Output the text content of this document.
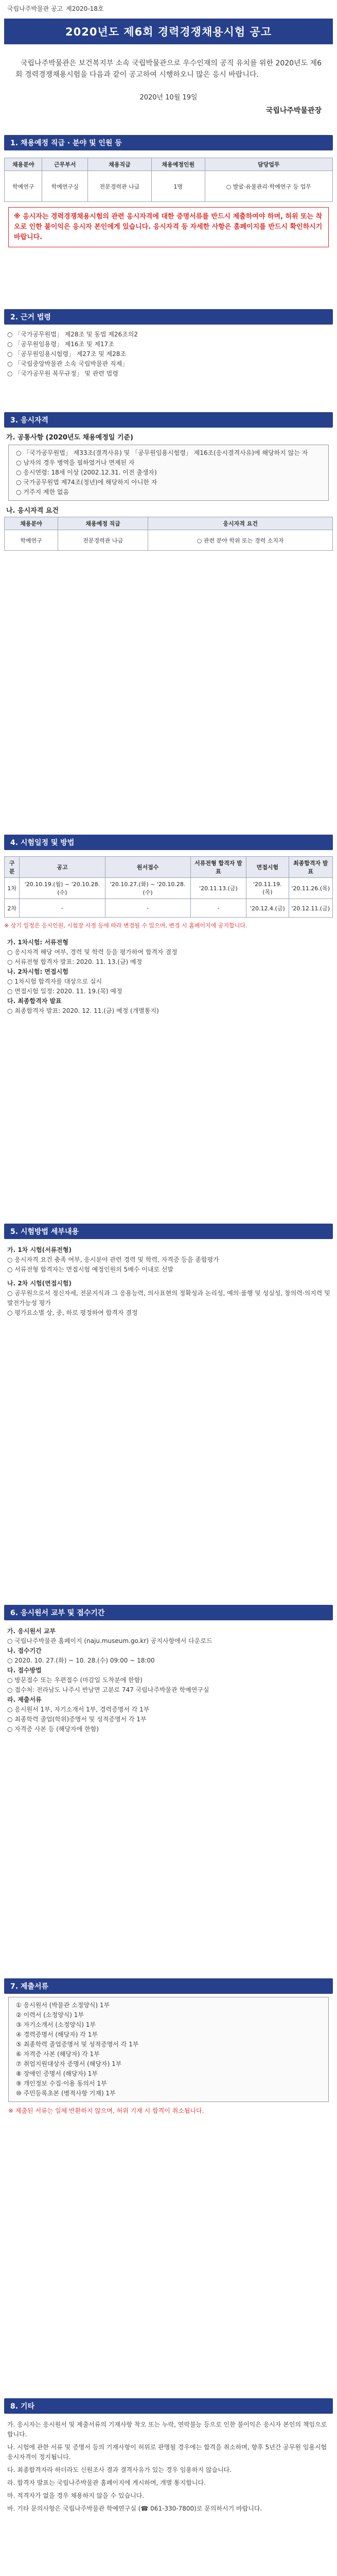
국립나주박물관 공고 제2020-18호
2020년도 제6회 경력경쟁채용시험 공고

국립나주박물관은 보건복지부 소속 국립박물관으로 우수인재의 공직 유치를 위한 2020년도 제6회 경력경쟁채용시험을 다음과 같이 공고하여 시행하오니 많은 응시 바랍니다.

2020년 10월 19일
국립나주박물관장
1. 채용예정 직급 · 분야 및 인원 등
채용분야	근무부서	채용직급	채용예정인원	담당업무
학예연구	학예연구실	전문경력관 나급	1명	○ 발굴·유물관리·학예연구 등 업무
※ 응시자는 경력경쟁채용시험의 관련 응시자격에 대한 증명서류를 반드시 제출하여야 하며, 허위 또는 착오로 인한 불이익은 응시자 본인에게 있습니다. 응시자격 등 자세한 사항은 홈페이지를 반드시 확인하시기 바랍니다.
2. 근거 법령
○ 「국가공무원법」 제28조 및 동법 제26조의2
○ 「공무원임용령」 제16조 및 제17조
○ 「공무원임용시험령」 제27조 및 제28조
○ 「국립중앙박물관 소속 국립박물관 직제」
○ 「국가공무원 복무규정」 및 관련 법령
3. 응시자격
가. 공통사항 (2020년도 채용예정일 기준)
○ 「국가공무원법」 제33조(결격사유) 및 「공무원임용시험령」 제16조(응시결격사유)에 해당하지 않는 자
○ 남자의 경우 병역을 필하였거나 면제된 자
○ 응시연령: 18세 이상 (2002.12.31. 이전 출생자)
○ 국가공무원법 제74조(정년)에 해당하지 아니한 자
○ 거주지 제한 없음
나. 응시자격 요건
채용분야	채용예정 직급	응시자격 요건
학예연구	전문경력관 나급	○ 관련 분야 학위 또는 경력 소지자
4. 시험일정 및 방법
구분	공고	원서접수	서류전형 합격자 발표	면접시험	최종합격자 발표
1차	'20.10.19.(월) ~ '20.10.28.(수)	'20.10.27.(화) ~ '20.10.28.(수)	'20.11.13.(금)	'20.11.19.(목)	'20.11.26.(목)
2차	-	-	-	'20.12.4.(금)	'20.12.11.(금)

※ 상기 일정은 응시인원, 시험장 사정 등에 따라 변경될 수 있으며, 변경 시 홈페이지에 공지합니다.

가. 1차시험: 서류전형
○ 응시자격 해당 여부, 경력 및 학력 등을 평가하여 합격자 결정
○ 서류전형 합격자 발표: 2020. 11. 13.(금) 예정
나. 2차시험: 면접시험
○ 1차시험 합격자를 대상으로 실시
○ 면접시험 일정: 2020. 11. 19.(목) 예정
다. 최종합격자 발표
○ 최종합격자 발표: 2020. 12. 11.(금) 예정 (개별통지)
5. 시험방법 세부내용
가. 1차 시험(서류전형)
○ 응시자격 요건 충족 여부, 응시분야 관련 경력 및 학력, 자격증 등을 종합평가
○ 서류전형 합격자는 면접시험 예정인원의 5배수 이내로 선발
나. 2차 시험(면접시험)
○ 공무원으로서 정신자세, 전문지식과 그 응용능력, 의사표현의 정확성과 논리성, 예의·품행 및 성실성, 창의력·의지력 및 발전가능성 평가
○ 평가요소별 상, 중, 하로 평정하여 합격자 결정
6. 응시원서 교부 및 접수기간
가. 응시원서 교부
○ 국립나주박물관 홈페이지 (naju.museum.go.kr) 공지사항에서 다운로드
나. 접수기간
○ 2020. 10. 27.(화) ~ 10. 28.(수) 09:00 ~ 18:00
다. 접수방법
○ 방문접수 또는 우편접수 (마감일 도착분에 한함)
○ 접수처: 전라남도 나주시 반남면 고분로 747 국립나주박물관 학예연구실
라. 제출서류
○ 응시원서 1부, 자기소개서 1부, 경력증명서 각 1부
○ 최종학력 졸업(학위)증명서 및 성적증명서 각 1부
○ 자격증 사본 등 (해당자에 한함)
7. 제출서류
① 응시원서 (박물관 소정양식) 1부
② 이력서 (소정양식) 1부
③ 자기소개서 (소정양식) 1부
④ 경력증명서 (해당자) 각 1부
⑤ 최종학력 졸업증명서 및 성적증명서 각 1부
⑥ 자격증 사본 (해당자) 각 1부
⑦ 취업지원대상자 증명서 (해당자) 1부
⑧ 장애인 증명서 (해당자) 1부
⑨ 개인정보 수집·이용 동의서 1부
⑩ 주민등록초본 (병적사항 기재) 1부

※ 제출된 서류는 일체 반환하지 않으며, 허위 기재 시 합격이 취소됩니다.

8. 기타
가. 응시자는 응시원서 및 제출서류의 기재사항 착오 또는 누락, 연락불능 등으로 인한 불이익은 응시자 본인의 책임으로 합니다.
나. 시험에 관한 서류 및 증명서 등의 기재사항이 허위로 판명될 경우에는 합격을 취소하며, 향후 5년간 공무원 임용시험 응시자격이 정지됩니다.
다. 최종합격자라 하더라도 신원조사 결과 결격사유가 있는 경우 임용하지 않습니다.
라. 합격자 발표는 국립나주박물관 홈페이지에 게시하며, 개별 통지합니다.
마. 적격자가 없을 경우 채용하지 않을 수 있습니다.
바. 기타 문의사항은 국립나주박물관 학예연구실 (☎ 061-330-7800)로 문의하시기 바랍니다.
